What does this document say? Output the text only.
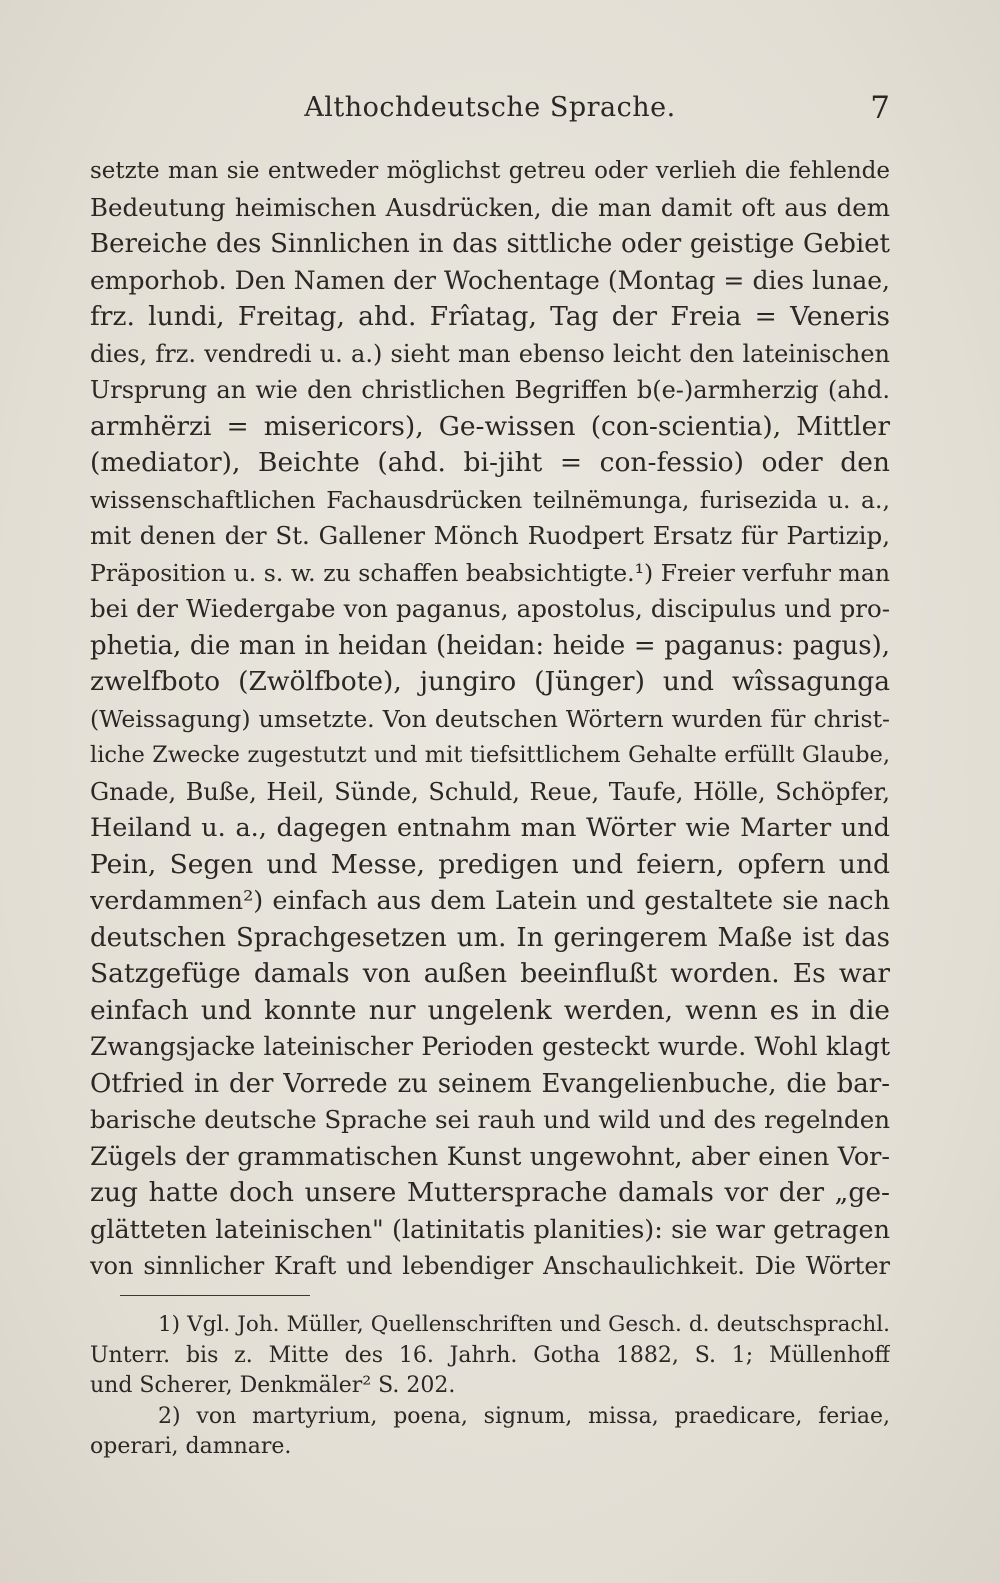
Althochdeutsche Sprache.	7
setzte man sie entweder möglichst getreu oder verlieh die fehlende
Bedeutung heimischen Ausdrücken, die man damit oft aus dem
Bereiche des Sinnlichen in das sittliche oder geistige Gebiet
emporhob. Den Namen der Wochentage (Montag = dies lunae,
frz. lundi, Freitag, ahd. Frîatag, Tag der Freia = Veneris
dies, frz. vendredi u. a.) sieht man ebenso leicht den lateinischen
Ursprung an wie den christlichen Begriffen b(e-)armherzig (ahd.
armhërzi = misericors), Ge-wissen (con-scientia), Mittler
(mediator), Beichte (ahd. bi-jiht = con-fessio) oder den
wissenschaftlichen Fachausdrücken teilnëmunga, furisezida u. a.,
mit denen der St. Gallener Mönch Ruodpert Ersatz für Partizip,
Präposition u. s. w. zu schaffen beabsichtigte.¹) Freier verfuhr man
bei der Wiedergabe von paganus, apostolus, discipulus und pro-
phetia, die man in heidan (heidan: heide = paganus: pagus),
zwelfboto (Zwölfbote), jungiro (Jünger) und wîssagunga
(Weissagung) umsetzte. Von deutschen Wörtern wurden für christ-
liche Zwecke zugestutzt und mit tiefsittlichem Gehalte erfüllt Glaube,
Gnade, Buße, Heil, Sünde, Schuld, Reue, Taufe, Hölle, Schöpfer,
Heiland u. a., dagegen entnahm man Wörter wie Marter und
Pein, Segen und Messe, predigen und feiern, opfern und
verdammen²) einfach aus dem Latein und gestaltete sie nach
deutschen Sprachgesetzen um. In geringerem Maße ist das
Satzgefüge damals von außen beeinflußt worden. Es war
einfach und konnte nur ungelenk werden, wenn es in die
Zwangsjacke lateinischer Perioden gesteckt wurde. Wohl klagt
Otfried in der Vorrede zu seinem Evangelienbuche, die bar-
barische deutsche Sprache sei rauh und wild und des regelnden
Zügels der grammatischen Kunst ungewohnt, aber einen Vor-
zug hatte doch unsere Muttersprache damals vor der „ge-
glätteten lateinischen" (latinitatis planities): sie war getragen
von sinnlicher Kraft und lebendiger Anschaulichkeit. Die Wörter
1) Vgl. Joh. Müller, Quellenschriften und Gesch. d. deutschsprachl.
Unterr. bis z. Mitte des 16. Jahrh. Gotha 1882, S. 1; Müllenhoff
und Scherer, Denkmäler² S. 202.
2) von martyrium, poena, signum, missa, praedicare, feriae,
operari, damnare.
